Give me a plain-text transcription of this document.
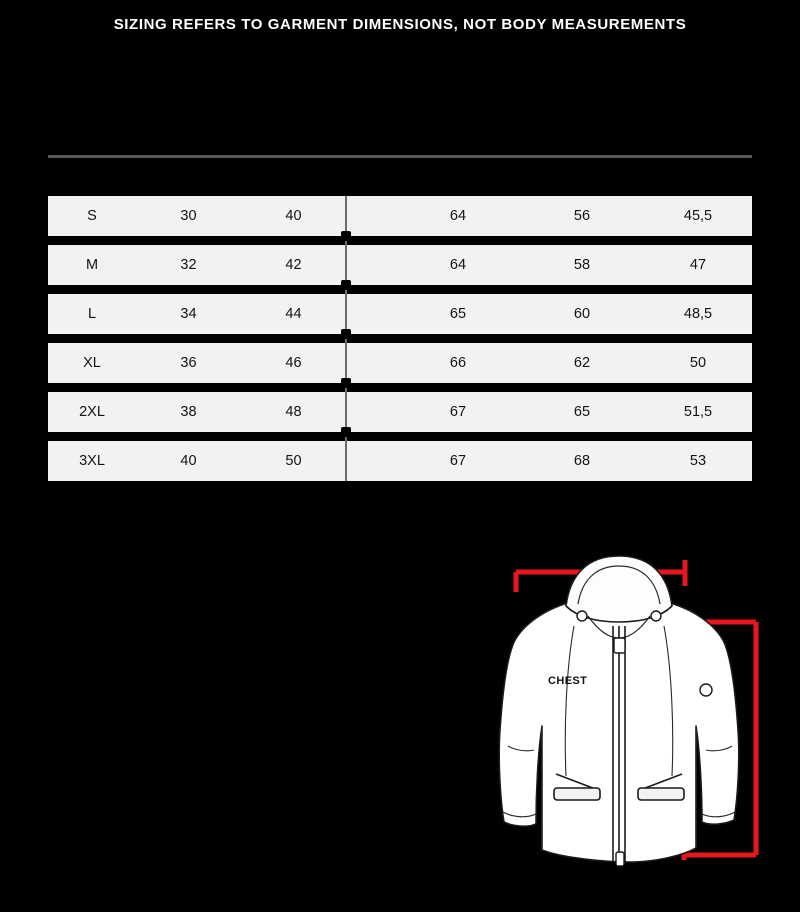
SIZING REFERS TO GARMENT DIMENSIONS, NOT BODY MEASUREMENTS
S	30	40	64	56	45,5
M	32	42	64	58	47
L	34	44	65	60	48,5
XL	36	46	66	62	50
2XL	38	48	67	65	51,5
3XL	40	50	67	68	53
CHEST
